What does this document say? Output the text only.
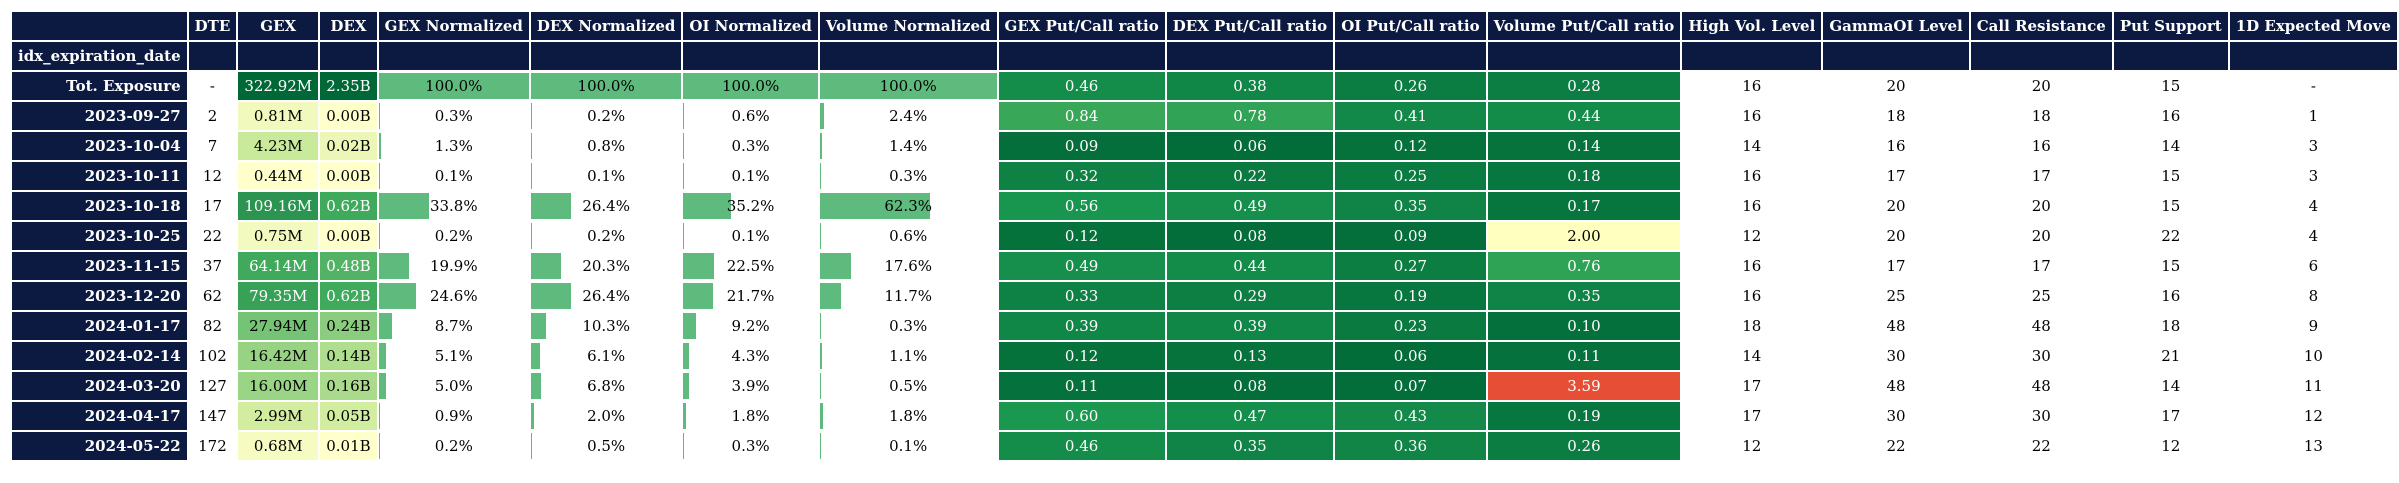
	DTE	GEX	DEX	GEX Normalized	DEX Normalized	OI Normalized	Volume Normalized	GEX Put/Call ratio	DEX Put/Call ratio	OI Put/Call ratio	Volume Put/Call ratio	High Vol. Level	GammaOI Level	Call Resistance	Put Support	1D Expected Move
idx_expiration_date																
Tot. Exposure	-	322.92M	2.35B	100.0%	100.0%	100.0%	100.0%	0.46	0.38	0.26	0.28	16	20	20	15	-
2023-09-27	2	0.81M	0.00B	0.3%	0.2%	0.6%	2.4%	0.84	0.78	0.41	0.44	16	18	18	16	1
2023-10-04	7	4.23M	0.02B	1.3%	0.8%	0.3%	1.4%	0.09	0.06	0.12	0.14	14	16	16	14	3
2023-10-11	12	0.44M	0.00B	0.1%	0.1%	0.1%	0.3%	0.32	0.22	0.25	0.18	16	17	17	15	3
2023-10-18	17	109.16M	0.62B	33.8%	26.4%	35.2%	62.3%	0.56	0.49	0.35	0.17	16	20	20	15	4
2023-10-25	22	0.75M	0.00B	0.2%	0.2%	0.1%	0.6%	0.12	0.08	0.09	2.00	12	20	20	22	4
2023-11-15	37	64.14M	0.48B	19.9%	20.3%	22.5%	17.6%	0.49	0.44	0.27	0.76	16	17	17	15	6
2023-12-20	62	79.35M	0.62B	24.6%	26.4%	21.7%	11.7%	0.33	0.29	0.19	0.35	16	25	25	16	8
2024-01-17	82	27.94M	0.24B	8.7%	10.3%	9.2%	0.3%	0.39	0.39	0.23	0.10	18	48	48	18	9
2024-02-14	102	16.42M	0.14B	5.1%	6.1%	4.3%	1.1%	0.12	0.13	0.06	0.11	14	30	30	21	10
2024-03-20	127	16.00M	0.16B	5.0%	6.8%	3.9%	0.5%	0.11	0.08	0.07	3.59	17	48	48	14	11
2024-04-17	147	2.99M	0.05B	0.9%	2.0%	1.8%	1.8%	0.60	0.47	0.43	0.19	17	30	30	17	12
2024-05-22	172	0.68M	0.01B	0.2%	0.5%	0.3%	0.1%	0.46	0.35	0.36	0.26	12	22	22	12	13
